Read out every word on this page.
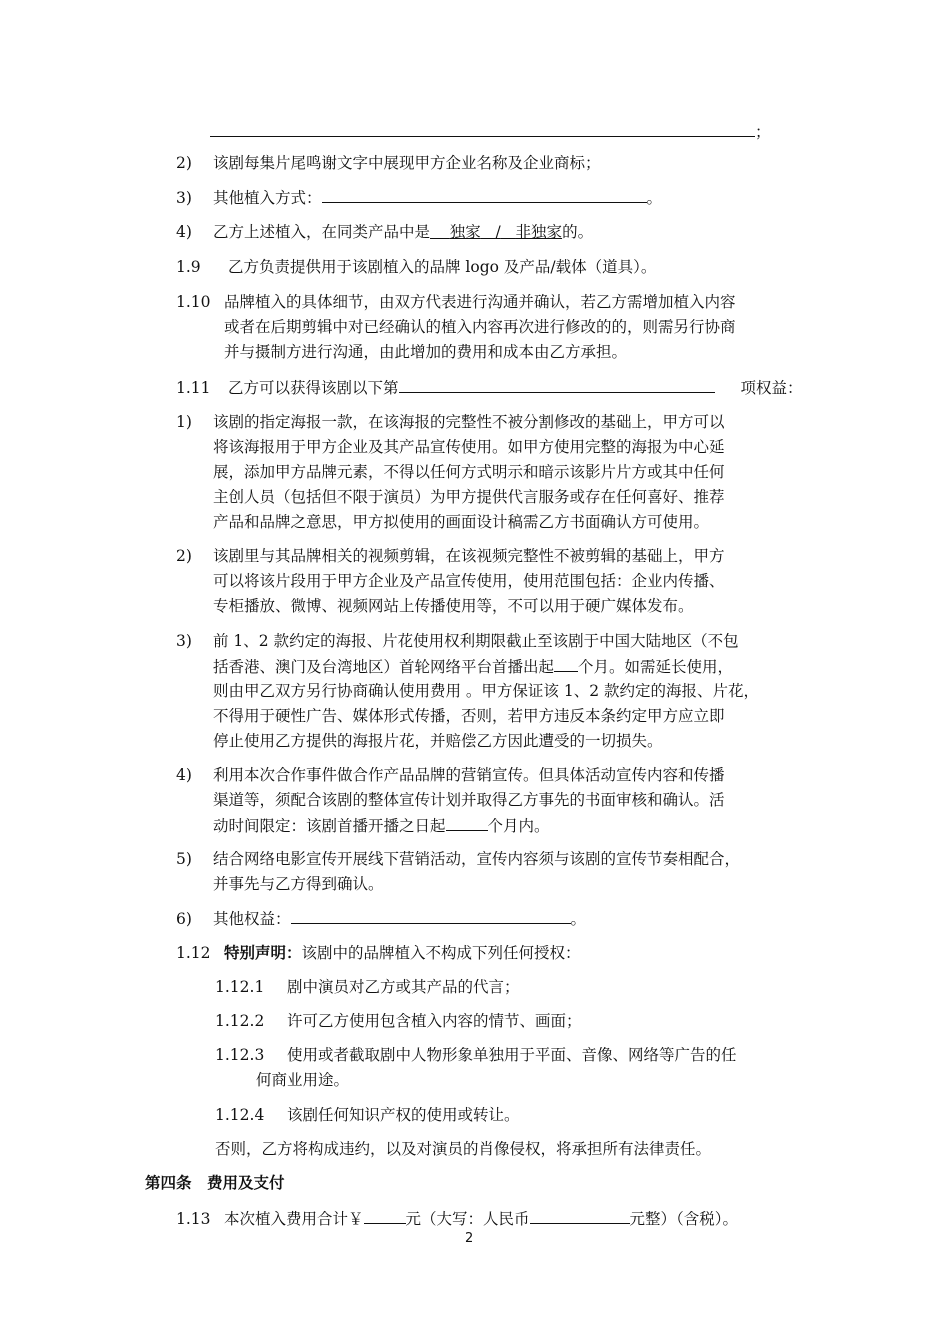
；
2) 该剧每集片尾鸣谢文字中展现甲方企业名称及企业商标；
3) 其他植入方式：	。
4) 乙方上述植入，在同类产品中是 独家 / 非独家的。
1.9 乙方负责提供用于该剧植入的品牌 logo 及产品/载体（道具）。
1.10 品牌植入的具体细节，由双方代表进行沟通并确认，若乙方需增加植入内容
或者在后期剪辑中对已经确认的植入内容再次进行修改的的，则需另行协商
并与摄制方进行沟通，由此增加的费用和成本由乙方承担。
1.11 乙方可以获得该剧以下第	项权益：
1) 该剧的指定海报一款，在该海报的完整性不被分割修改的基础上，甲方可以
将该海报用于甲方企业及其产品宣传使用。如甲方使用完整的海报为中心延
展，添加甲方品牌元素，不得以任何方式明示和暗示该影片片方或其中任何
主创人员（包括但不限于演员）为甲方提供代言服务或存在任何喜好、推荐
产品和品牌之意思，甲方拟使用的画面设计稿需乙方书面确认方可使用。
2) 该剧里与其品牌相关的视频剪辑，在该视频完整性不被剪辑的基础上，甲方
可以将该片段用于甲方企业及产品宣传使用，使用范围包括：企业内传播、
专柜播放、微博、视频网站上传播使用等，不可以用于硬广媒体发布。
3) 前 1、2 款约定的海报、片花使用权利期限截止至该剧于中国大陆地区（不包
括香港、澳门及台湾地区）首轮网络平台首播出起 个月。如需延长使用，
则由甲乙双方另行协商确认使用费用 。甲方保证该 1、2 款约定的海报、片花，
不得用于硬性广告、媒体形式传播，否则，若甲方违反本条约定甲方应立即
停止使用乙方提供的海报片花，并赔偿乙方因此遭受的一切损失。
4) 利用本次合作事件做合作产品品牌的营销宣传。但具体活动宣传内容和传播
渠道等，须配合该剧的整体宣传计划并取得乙方事先的书面审核和确认。活
动时间限定：该剧首播开播之日起	个月内。
5) 结合网络电影宣传开展线下营销活动，宣传内容须与该剧的宣传节奏相配合，
并事先与乙方得到确认。
6) 其他权益：	。
1.12 特别声明：该剧中的品牌植入不构成下列任何授权：
1.12.1 剧中演员对乙方或其产品的代言；
1.12.2 许可乙方使用包含植入内容的情节、画面；
1.12.3 使用或者截取剧中人物形象单独用于平面、音像、网络等广告的任
何商业用途。
1.12.4 该剧任何知识产权的使用或转让。
否则，乙方将构成违约，以及对演员的肖像侵权，将承担所有法律责任。
第四条　费用及支付
1.13 本次植入费用合计￥	元（大写：人民币	元整）（含税）。
2
